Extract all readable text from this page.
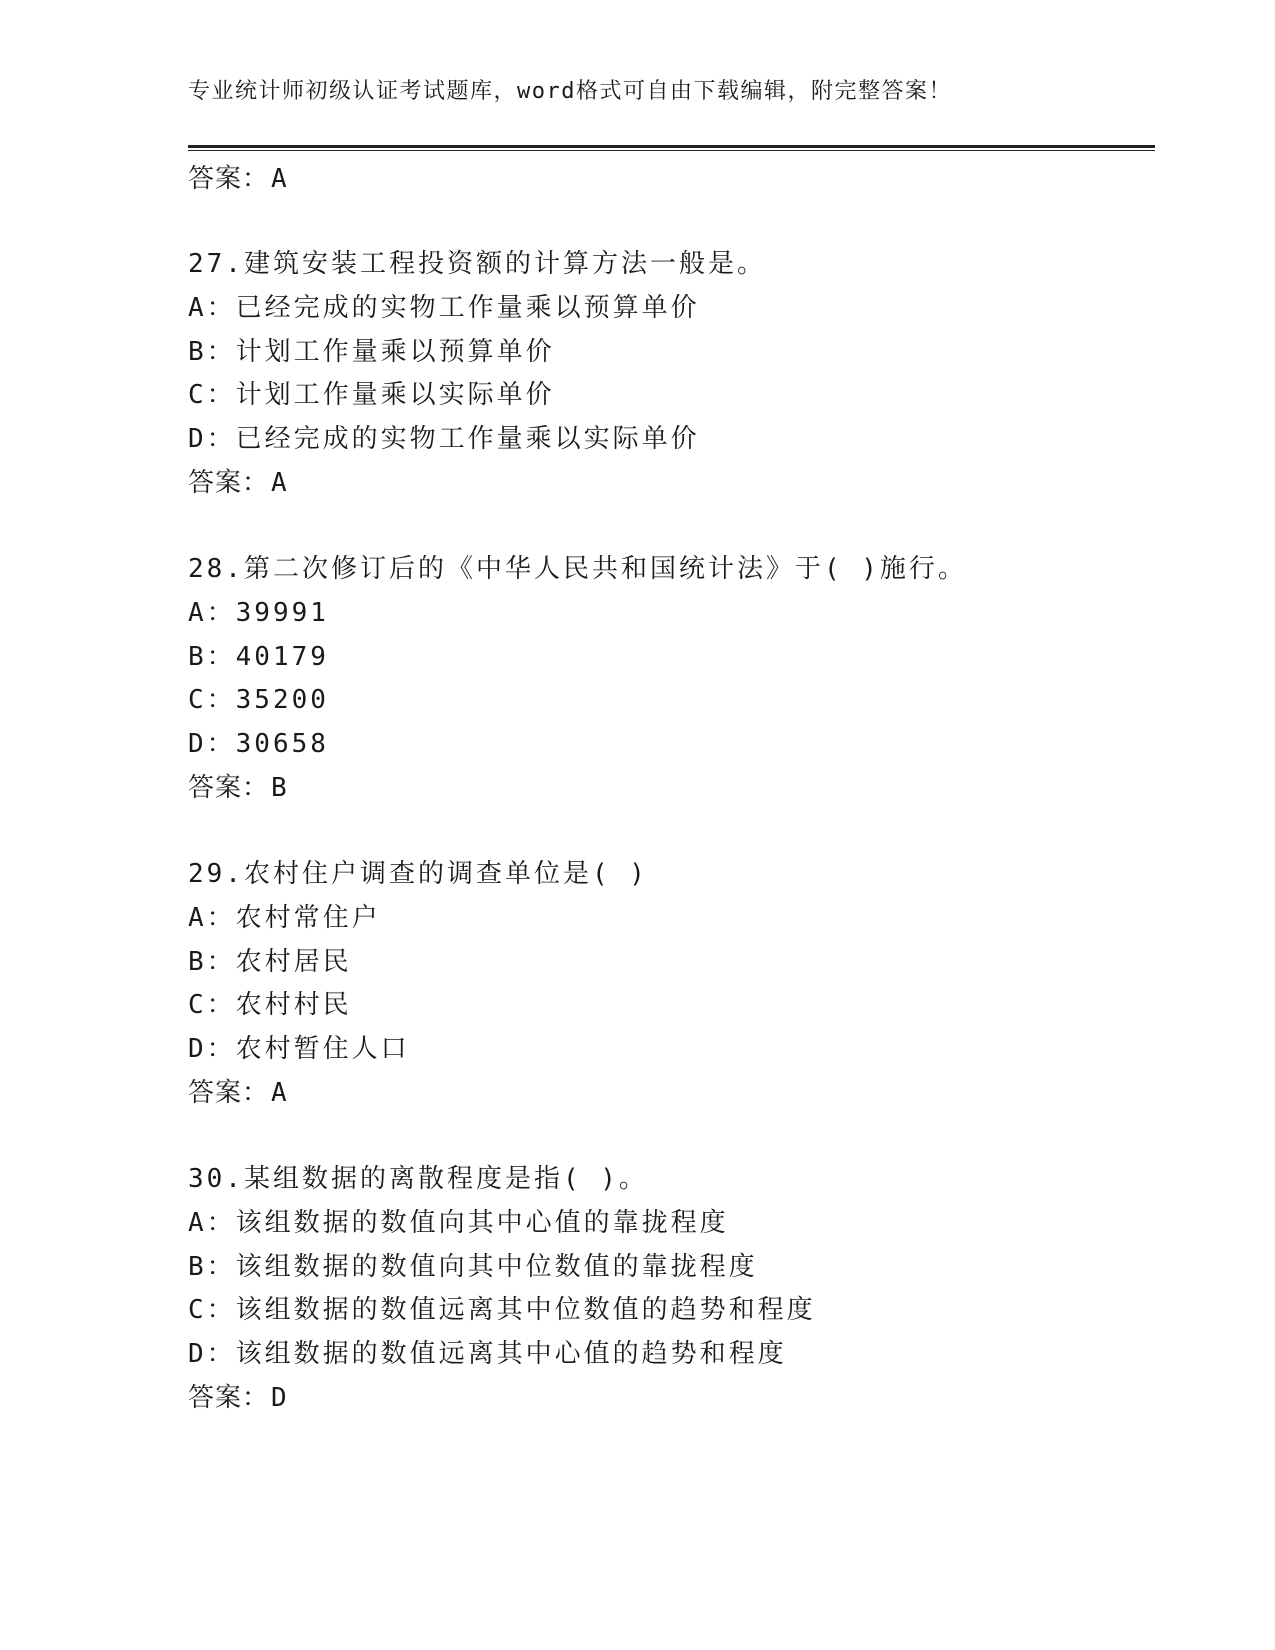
专业统计师初级认证考试题库，word格式可自由下载编辑，附完整答案！
答案：A
27.建筑安装工程投资额的计算方法一般是。
A：已经完成的实物工作量乘以预算单价
B：计划工作量乘以预算单价
C：计划工作量乘以实际单价
D：已经完成的实物工作量乘以实际单价
答案：A
28.第二次修订后的《中华人民共和国统计法》于( )施行。
A：39991
B：40179
C：35200
D：30658
答案：B
29.农村住户调查的调查单位是( )
A：农村常住户
B：农村居民
C：农村村民
D：农村暂住人口
答案：A
30.某组数据的离散程度是指( )。
A：该组数据的数值向其中心值的靠拢程度
B：该组数据的数值向其中位数值的靠拢程度
C：该组数据的数值远离其中位数值的趋势和程度
D：该组数据的数值远离其中心值的趋势和程度
答案：D
